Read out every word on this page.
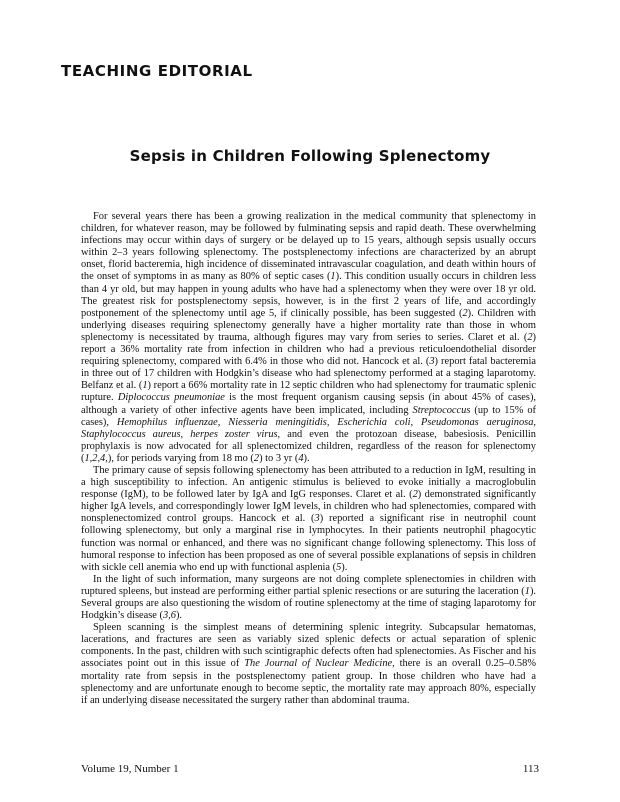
TEACHING EDITORIAL
Sepsis in Children Following Splenectomy

For several years there has been a growing realization in the medical community that splenectomy in children, for whatever reason, may be followed by fulminating sepsis and rapid death. These overwhelming infections may occur within days of surgery or be delayed up to 15 years, although sepsis usually occurs within 2–3 years following splenectomy. The postsplenectomy infections are characterized by an abrupt onset, florid bacteremia, high incidence of disseminated intravascular coagulation, and death within hours of the onset of symptoms in as many as 80% of septic cases (1). This condition usually occurs in children less than 4 yr old, but may happen in young adults who have had a splenectomy when they were over 18 yr old. The greatest risk for postsplenectomy sepsis, however, is in the first 2 years of life, and accordingly postponement of the splenectomy until age 5, if clinically possible, has been suggested (2). Children with underlying diseases requiring splenectomy generally have a higher mortality rate than those in whom splenectomy is necessitated by trauma, although figures may vary from series to series. Claret et al. (2) report a 36% mortality rate from infection in children who had a previous reticuloendothelial disorder requiring splenectomy, compared with 6.4% in those who did not. Hancock et al. (3) report fatal bacteremia in three out of 17 children with Hodgkin’s disease who had splenectomy performed at a staging laparotomy. Belfanz et al. (1) report a 66% mortality rate in 12 septic children who had splenectomy for traumatic splenic rupture. Diplococcus pneumoniae is the most frequent organism causing sepsis (in about 45% of cases), although a variety of other infective agents have been implicated, including Streptococcus (up to 15% of cases), Hemophilus influenzae, Niesseria meningitidis, Escherichia coli, Pseudomonas aeruginosa, Staphylococcus aureus, herpes zoster virus, and even the protozoan disease, babesiosis. Penicillin prophylaxis is now advocated for all splenectomized children, regardless of the reason for splenectomy (1,2,4,), for periods varying from 18 mo (2) to 3 yr (4).

The primary cause of sepsis following splenectomy has been attributed to a reduction in IgM, resulting in a high susceptibility to infection. An antigenic stimulus is believed to evoke initially a macroglobulin response (IgM), to be followed later by IgA and IgG responses. Claret et al. (2) demonstrated significantly higher IgA levels, and correspondingly lower IgM levels, in children who had splenectomies, compared with nonsplenectomized control groups. Hancock et al. (3) reported a significant rise in neutrophil count following splenectomy, but only a marginal rise in lymphocytes. In their patients neutrophil phagocytic function was normal or enhanced, and there was no significant change following splenectomy. This loss of humoral response to infection has been proposed as one of several possible explanations of sepsis in children with sickle cell anemia who end up with functional asplenia (5).

In the light of such information, many surgeons are not doing complete splenectomies in children with ruptured spleens, but instead are performing either partial splenic resections or are suturing the laceration (1). Several groups are also questioning the wisdom of routine splenectomy at the time of staging laparotomy for Hodgkin’s disease (3,6).

Spleen scanning is the simplest means of determining splenic integrity. Subcapsular hematomas, lacerations, and fractures are seen as variably sized splenic defects or actual separation of splenic components. In the past, children with such scintigraphic defects often had splenectomies. As Fischer and his associates point out in this issue of The Journal of Nuclear Medicine, there is an overall 0.25–0.58% mortality rate from sepsis in the postsplenectomy patient group. In those children who have had a splenectomy and are unfortunate enough to become septic, the mortality rate may approach 80%, especially if an underlying disease necessitated the surgery rather than abdominal trauma.

Volume 19, Number 1	113
